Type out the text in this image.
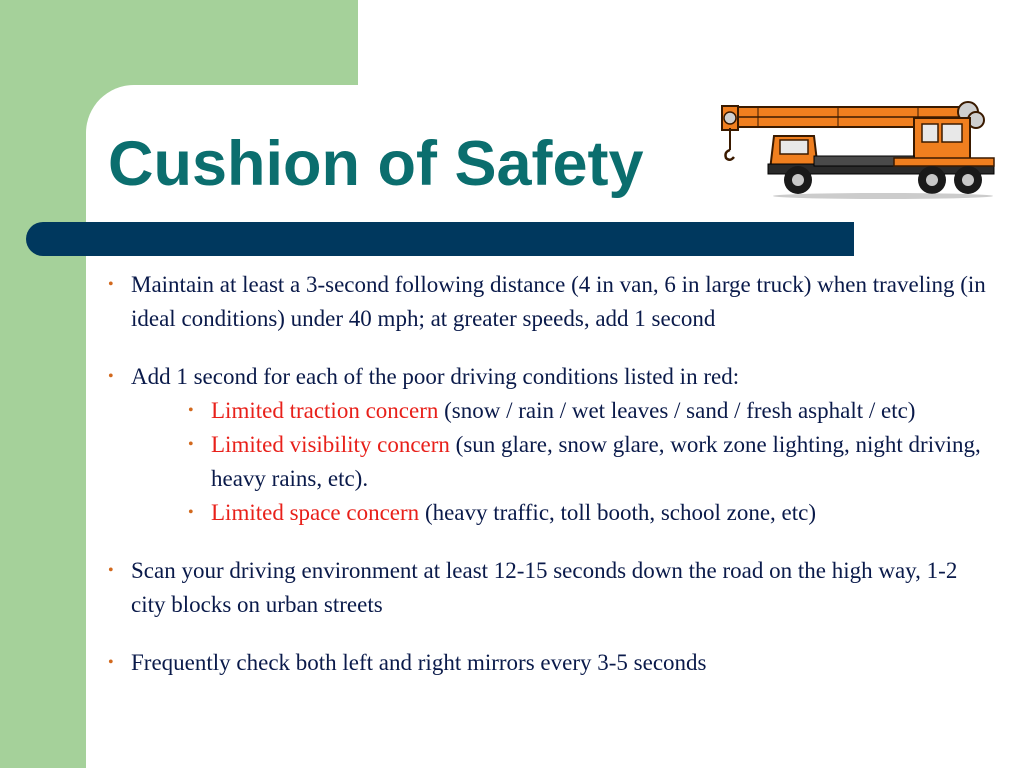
Cushion of Safety
• Maintain at least a 3-second following distance (4 in van, 6 in large truck) when traveling (in ideal conditions) under 40 mph; at greater speeds, add 1 second
• Add 1 second for each of the poor driving conditions listed in red:
• Limited traction concern (snow / rain / wet leaves / sand / fresh asphalt / etc)
• Limited visibility concern (sun glare, snow glare, work zone lighting, night driving, heavy rains, etc).
• Limited space concern (heavy traffic, toll booth, school zone, etc)
• Scan your driving environment at least 12-15 seconds down the road on the high way, 1-2 city blocks on urban streets
• Frequently check both left and right mirrors every 3-5 seconds
